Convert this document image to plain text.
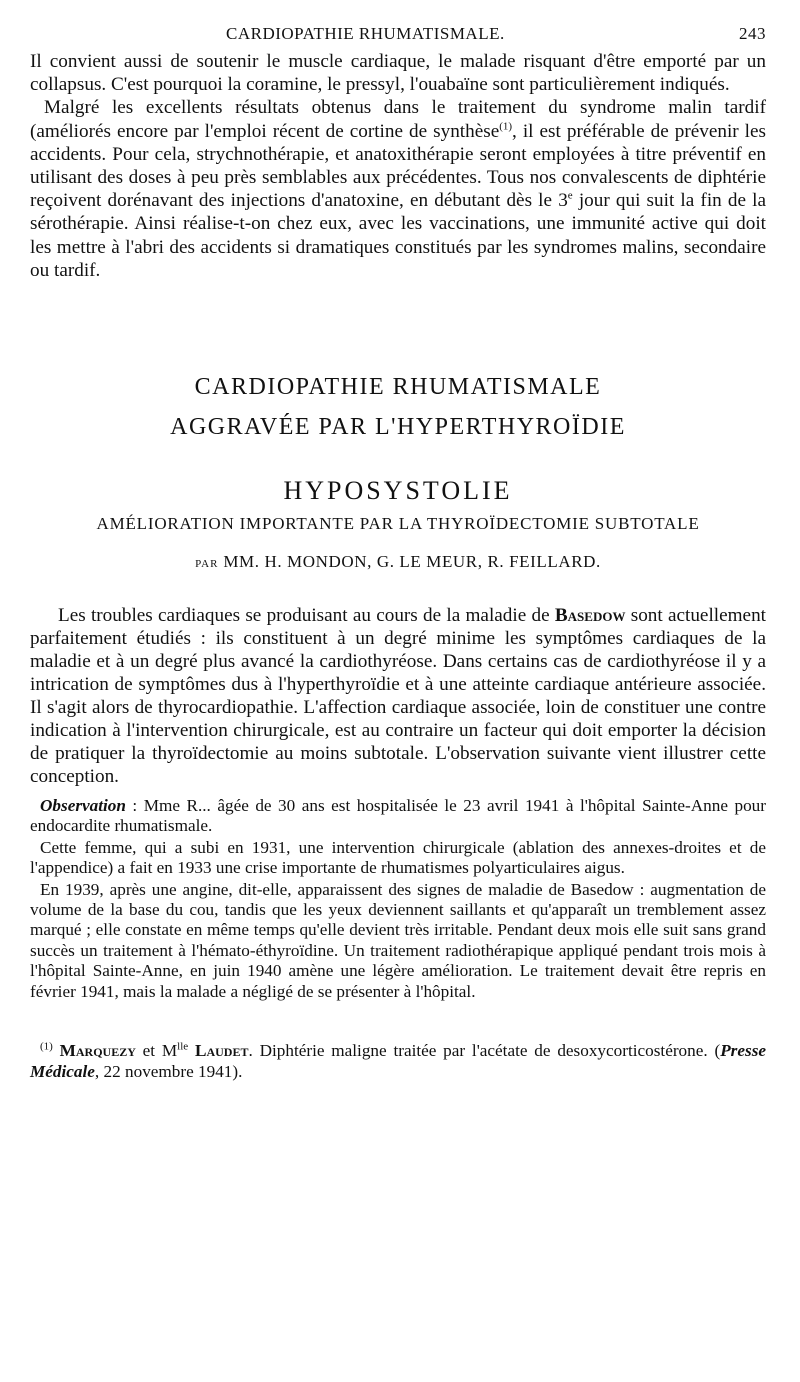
CARDIOPATHIE RHUMATISMALE.	243

Il convient aussi de soutenir le muscle cardiaque, le malade risquant d'être emporté par un collapsus. C'est pourquoi la coramine, le pressyl, l'ouabaïne sont particulièrement indiqués.

Malgré les excellents résultats obtenus dans le traitement du syndrome malin tardif (améliorés encore par l'emploi récent de cortine de synthèse$^{(1)}$, il est préférable de prévenir les accidents. Pour cela, strychnothérapie, et anatoxithérapie seront employées à titre préventif en utilisant des doses à peu près semblables aux précédentes. Tous nos convalescents de diphtérie reçoivent dorénavant des injections d'anatoxine, en débutant dès le 3e jour qui suit la fin de la sérothérapie. Ainsi réalise-t-on chez eux, avec les vaccinations, une immunité active qui doit les mettre à l'abri des accidents si dramatiques constitués par les syndromes malins, secondaire ou tardif.

CARDIOPATHIE RHUMATISMALE
AGGRAVÉE PAR L'HYPERTHYROÏDIE
HYPOSYSTOLIE
AMÉLIORATION IMPORTANTE PAR LA THYROÏDECTOMIE SUBTOTALE
PAR MM. H. MONDON, G. LE MEUR, R. FEILLARD.

Les troubles cardiaques se produisant au cours de la maladie de Basedow sont actuellement parfaitement étudiés : ils constituent à un degré minime les symptômes cardiaques de la maladie et à un degré plus avancé la cardiothyréose. Dans certains cas de cardiothyréose il y a intrication de symptômes dus à l'hyperthyroïdie et à une atteinte cardiaque antérieure associée. Il s'agit alors de thyrocardiopathie. L'affection cardiaque associée, loin de constituer une contre indication à l'intervention chirurgicale, est au contraire un facteur qui doit emporter la décision de pratiquer la thyroïdectomie au moins subtotale. L'observation suivante vient illustrer cette conception.

Observation : Mme R... âgée de 30 ans est hospitalisée le 23 avril 1941 à l'hôpital Sainte-Anne pour endocardite rhumatismale.

Cette femme, qui a subi en 1931, une intervention chirurgicale (ablation des annexes-droites et de l'appendice) a fait en 1933 une crise importante de rhumatismes polyarticulaires aigus.

En 1939, après une angine, dit-elle, apparaissent des signes de maladie de Basedow : augmentation de volume de la base du cou, tandis que les yeux deviennent saillants et qu'apparaît un tremblement assez marqué ; elle constate en même temps qu'elle devient très irritable. Pendant deux mois elle suit sans grand succès un traitement à l'hémato-éthyroïdine. Un traitement radiothérapique appliqué pendant trois mois à l'hôpital Sainte-Anne, en juin 1940 amène une légère amélioration. Le traitement devait être repris en février 1941, mais la malade a négligé de se présenter à l'hôpital.

$^{(1)}$ Marquezy et $M^{lle}$ Laudet. Diphtérie maligne traitée par l'acétate de desoxycorticostérone. (Presse Médicale, 22 novembre 1941).
